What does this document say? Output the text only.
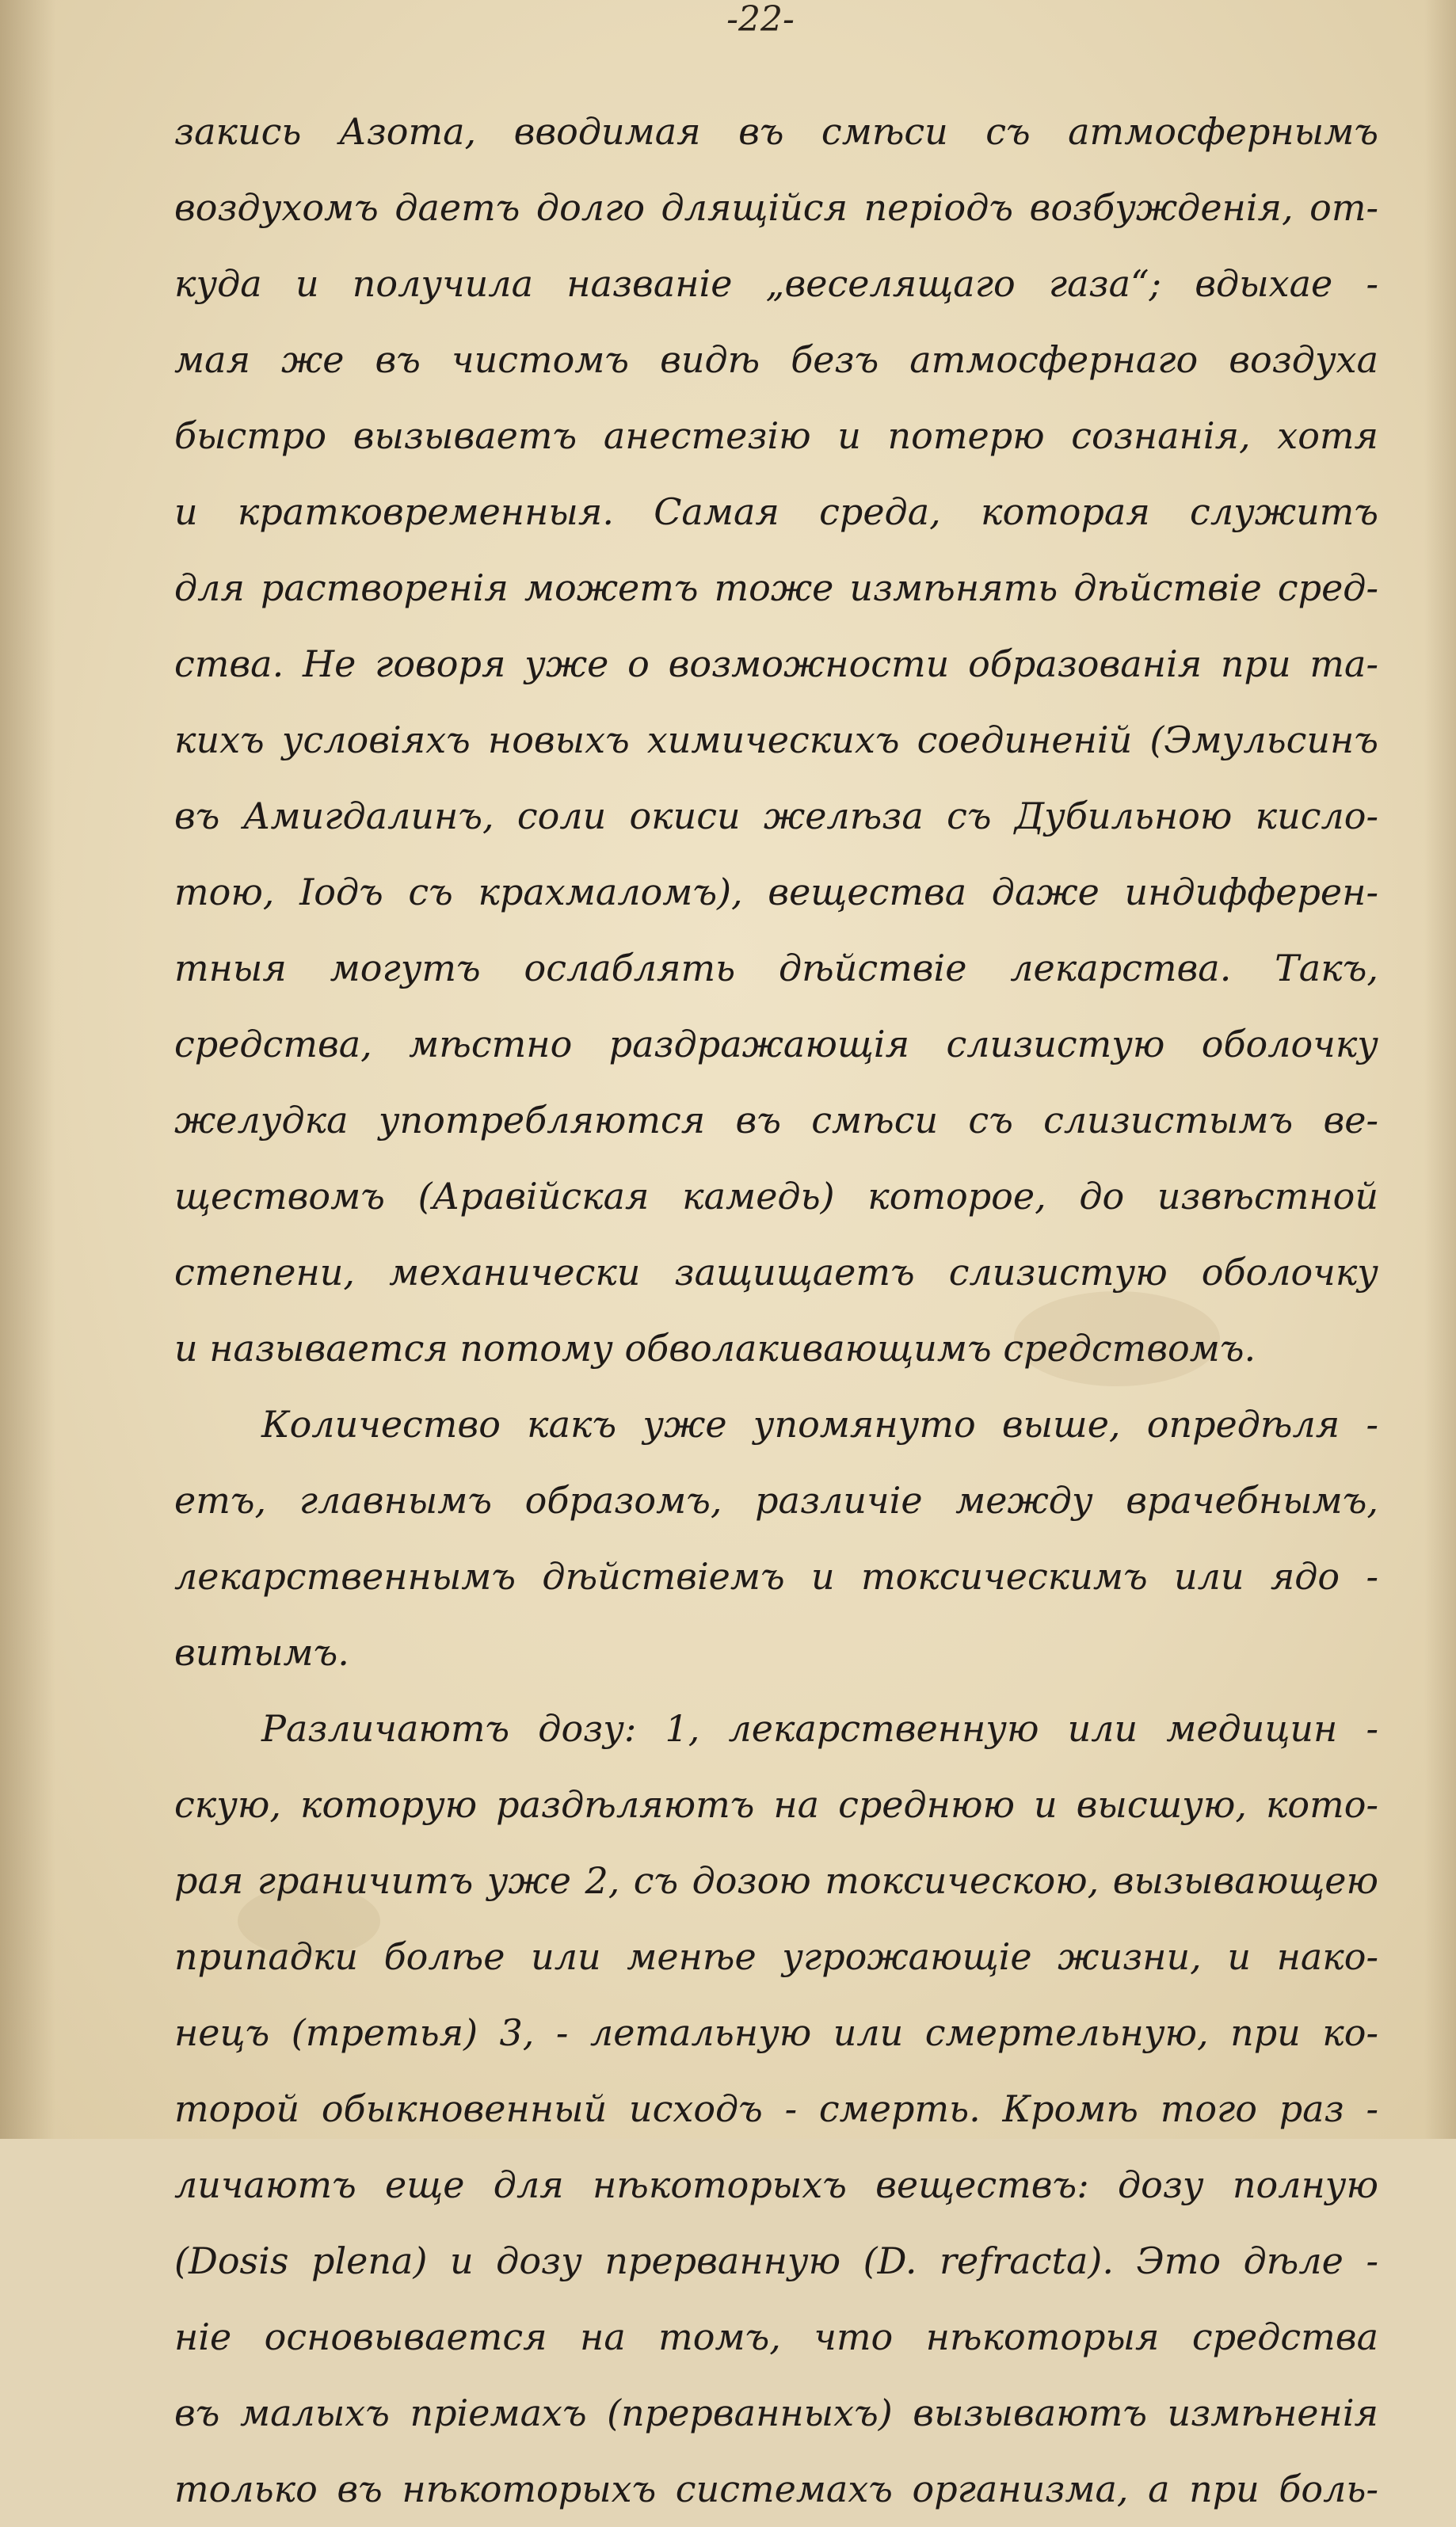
-22-
закись Азота, вводимая въ смѣси съ атмосфернымъ
воздухомъ даетъ долго длящійся періодъ возбужденія, от-
куда и получила названіе „веселящаго газа“; вдыхае -
мая же въ чистомъ видѣ безъ атмосфернаго воздуха
быстро вызываетъ анестезію и потерю сознанія, хотя
и кратковременныя. Самая среда, которая служитъ
для растворенія можетъ тоже измѣнять дѣйствіе сред-
ства. Не говоря уже о возможности образованія при та-
кихъ условіяхъ новыхъ химическихъ соединеній (Эмульсинъ
въ Амигдалинъ, соли окиси желѣза съ Дубильною кисло-
тою, Іодъ съ крахмаломъ), вещества даже индифферен-
тныя могутъ ослаблять дѣйствіе лекарства. Такъ,
средства, мѣстно раздражающія слизистую оболочку
желудка употребляются въ смѣси съ слизистымъ ве-
ществомъ (Аравійская камедь) которое, до извѣстной
степени, механически защищаетъ слизистую оболочку
и называется потому обволакивающимъ средствомъ.
Количество какъ уже упомянуто выше, опредѣля -
етъ, главнымъ образомъ, различіе между врачебнымъ,
лекарственнымъ дѣйствіемъ и токсическимъ или ядо -
витымъ.
Различаютъ дозу: 1, лекарственную или медицин -
скую, которую раздѣляютъ на среднюю и высшую, кото-
рая граничитъ уже 2, съ дозою токсическою, вызывающею
припадки болѣе или менѣе угрожающіе жизни, и нако-
нецъ (третья) 3, - летальную или смертельную, при ко-
торой обыкновенный исходъ - смерть. Кромѣ того раз -
личаютъ еще для нѣкоторыхъ веществъ: дозу полную
(Dosis plena) и дозу прерванную (D. refracta). Это дѣле -
ніе основывается на томъ, что нѣкоторыя средства
въ малыхъ пріемахъ (прерванныхъ) вызываютъ измѣненія
только въ нѣкоторыхъ системахъ организма, а при боль-
